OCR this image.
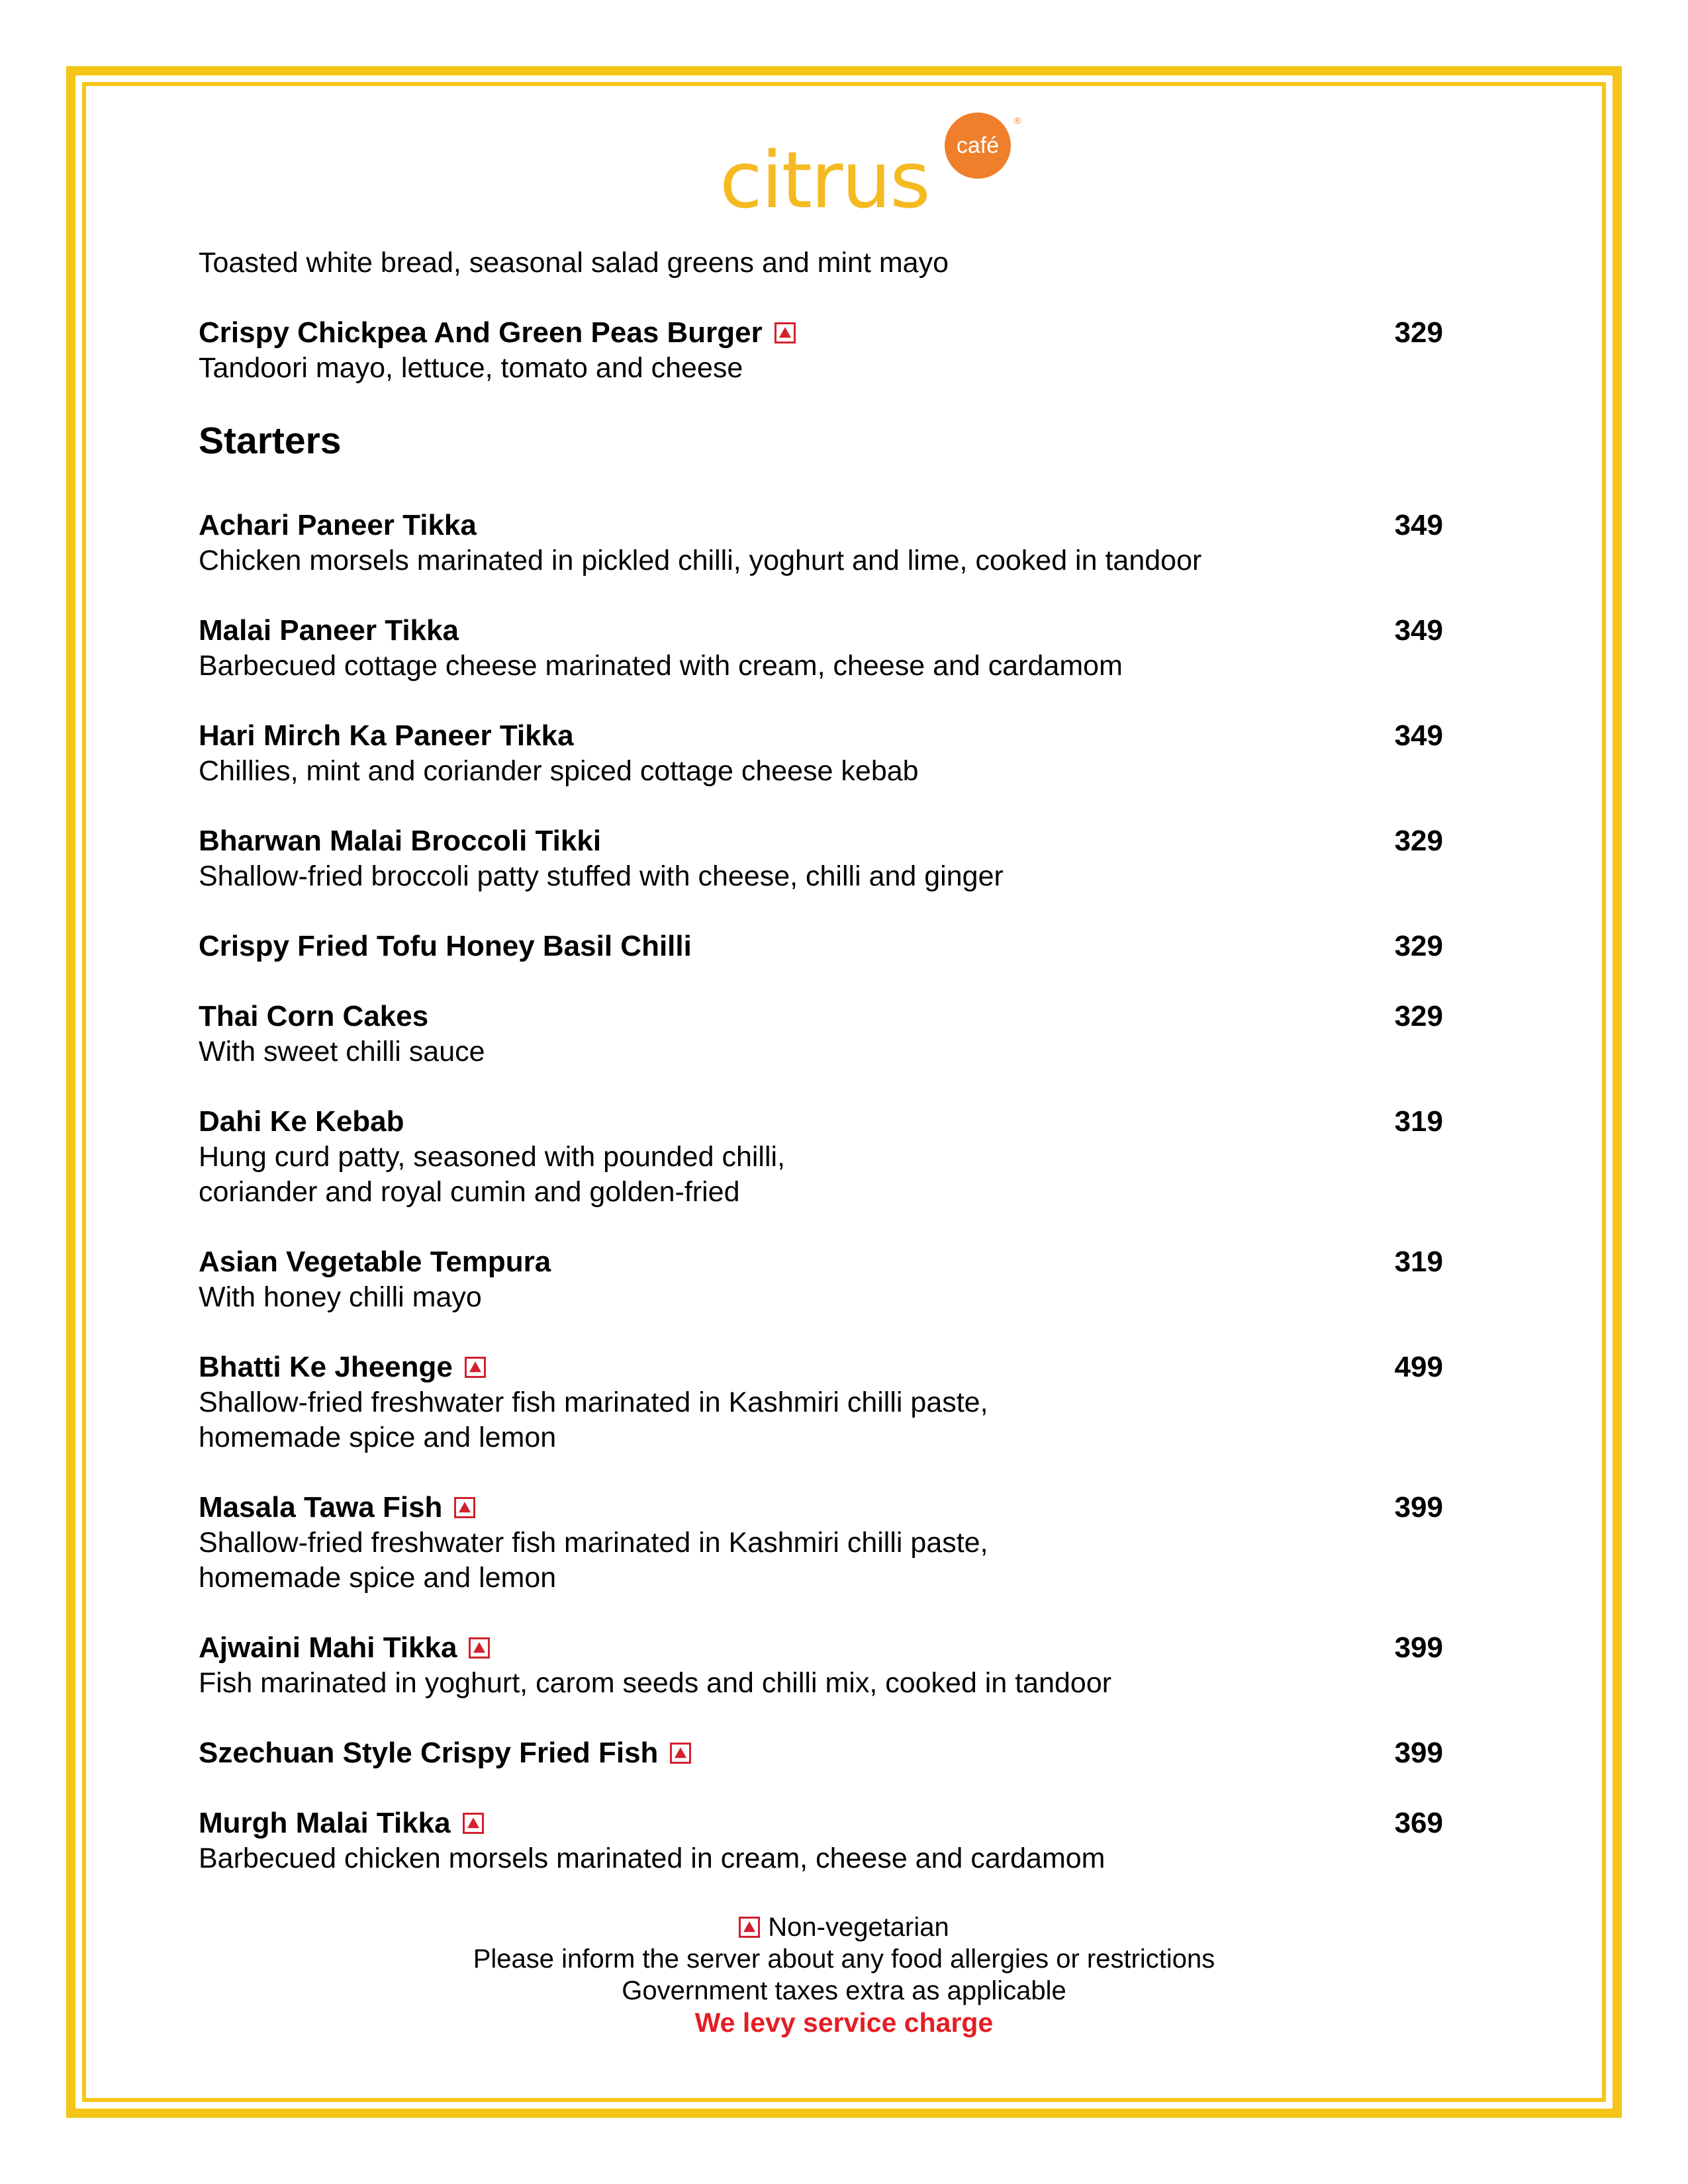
café
®
citrus
Toasted white bread, seasonal salad greens and mint mayo
Crispy Chickpea And Green Peas Burger	329
Tandoori mayo, lettuce, tomato and cheese
Starters
Achari Paneer Tikka	349
Chicken morsels marinated in pickled chilli, yoghurt and lime, cooked in tandoor
Malai Paneer Tikka	349
Barbecued cottage cheese marinated with cream, cheese and cardamom
Hari Mirch Ka Paneer Tikka	349
Chillies, mint and coriander spiced cottage cheese kebab
Bharwan Malai Broccoli Tikki	329
Shallow-fried broccoli patty stuffed with cheese, chilli and ginger
Crispy Fried Tofu Honey Basil Chilli	329
Thai Corn Cakes	329
With sweet chilli sauce
Dahi Ke Kebab	319
Hung curd patty, seasoned with pounded chilli,
coriander and royal cumin and golden-fried
Asian Vegetable Tempura	319
With honey chilli mayo
Bhatti Ke Jheenge	499
Shallow-fried freshwater fish marinated in Kashmiri chilli paste,
homemade spice and lemon
Masala Tawa Fish	399
Shallow-fried freshwater fish marinated in Kashmiri chilli paste,
homemade spice and lemon
Ajwaini Mahi Tikka	399
Fish marinated in yoghurt, carom seeds and chilli mix, cooked in tandoor
Szechuan Style Crispy Fried Fish	399
Murgh Malai Tikka	369
Barbecued chicken morsels marinated in cream, cheese and cardamom
Non-vegetarian
Please inform the server about any food allergies or restrictions
Government taxes extra as applicable
We levy service charge
